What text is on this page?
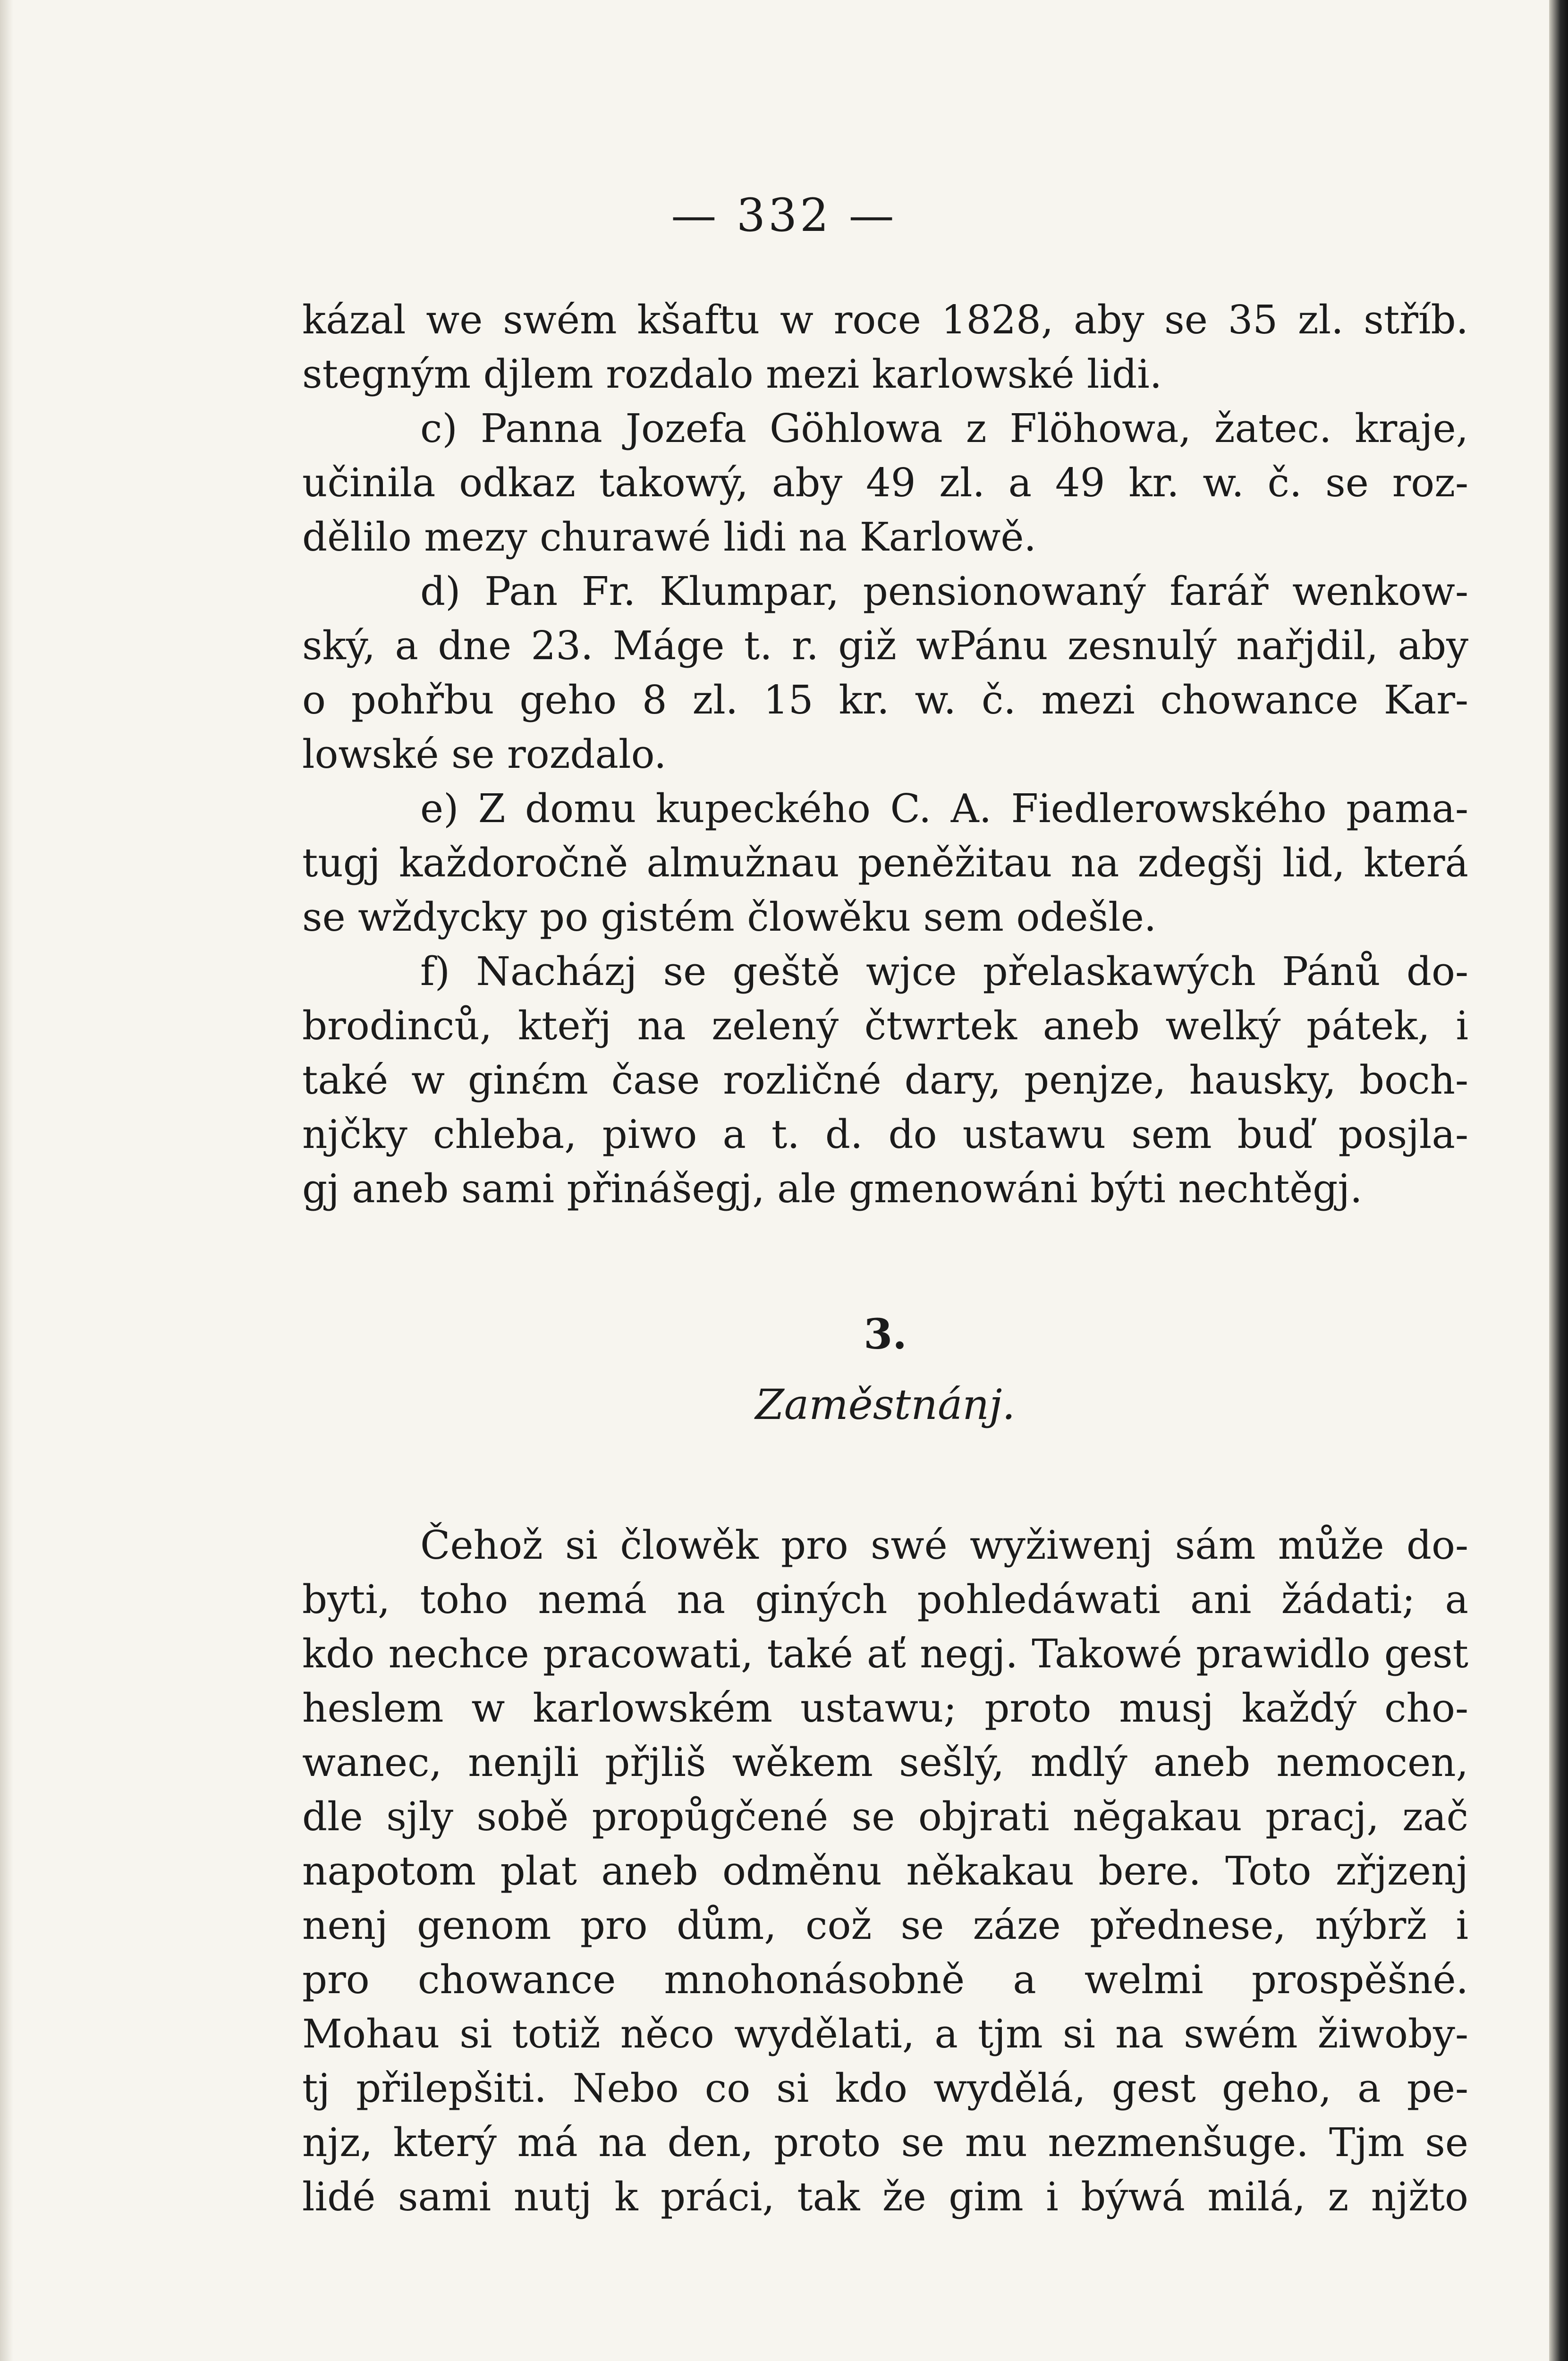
— 332 —
kázal we swém kšaftu w roce 1828, aby se 35 zl. stříb.
stegným djlem rozdalo mezi karlowské lidi.
c) Panna Jozefa Göhlowa z Flöhowa, žatec. kraje,
učinila odkaz takowý, aby 49 zl. a 49 kr. w. č. se roz-
dělilo mezy churawé lidi na Karlowě.
d) Pan Fr. Klumpar, pensionowaný farář wenkow-
ský, a dne 23. Máge t. r. giž wPánu zesnulý nařjdil, aby
o pohřbu geho 8 zl. 15 kr. w. č. mezi chowance Kar-
lowské se rozdalo.
e) Z domu kupeckého C. A. Fiedlerowského pama-
tugj každoročně almužnau peněžitau na zdegšj lid, která
se wždycky po gistém člowěku sem odešle.
f) Nacházj se geště wjce přelaskawých Pánů do-
brodinců, kteřj na zelený čtwrtek aneb welký pátek, i
také w ginέm čase rozličné dary, penjze, hausky, boch-
njčky chleba, piwo a t. d. do ustawu sem buď posjla-
gj aneb sami přinášegj, ale gmenowáni býti nechtěgj.
3.
Zaměstnánj.
Čehož si člowěk pro swé wyžiwenj sám může do-
byti, toho nemá na giných pohledáwati ani žádati; a
kdo nechce pracowati, také ať negj. Takowé prawidlo gest
heslem w karlowském ustawu; proto musj každý cho-
wanec, nenjli přjliš wěkem sešlý, mdlý aneb nemocen,
dle sjly sobě propůgčené se objrati nĕgakau pracj, zač
napotom plat aneb odměnu někakau bere. Toto zřjzenj
nenj genom pro dům, což se záze přednese, nýbrž i
pro chowance mnohonásobně a welmi prospěšné.
Mohau si totiž něco wydělati, a tjm si na swém žiwoby-
tj přilepšiti. Nebo co si kdo wydělá, gest geho, a pe-
njz, který má na den, proto se mu nezmenšuge. Tjm se
lidé sami nutj k práci, tak že gim i býwá milá, z njžto
